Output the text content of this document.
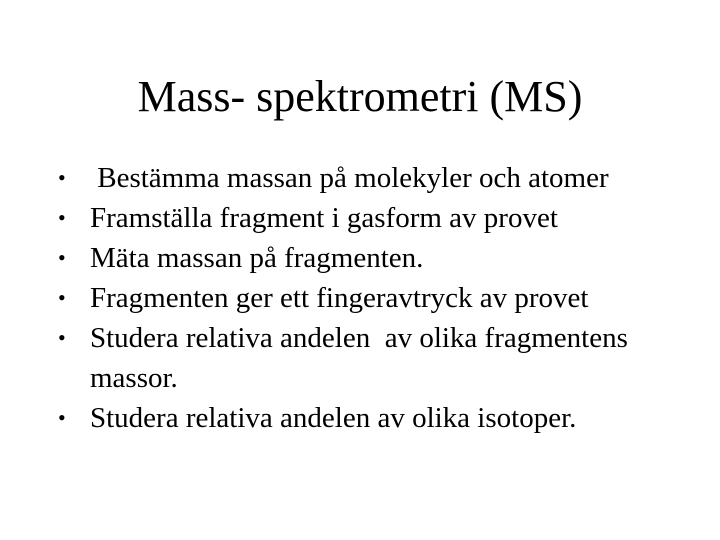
Mass- spektrometri (MS)
• Bestämma massan på molekyler och atomer
• Framställa fragment i gasform av provet
• Mäta massan på fragmenten.
• Fragmenten ger ett fingeravtryck av provet
• Studera relativa andelen  av olika fragmentens massor.
• Studera relativa andelen av olika isotoper.
